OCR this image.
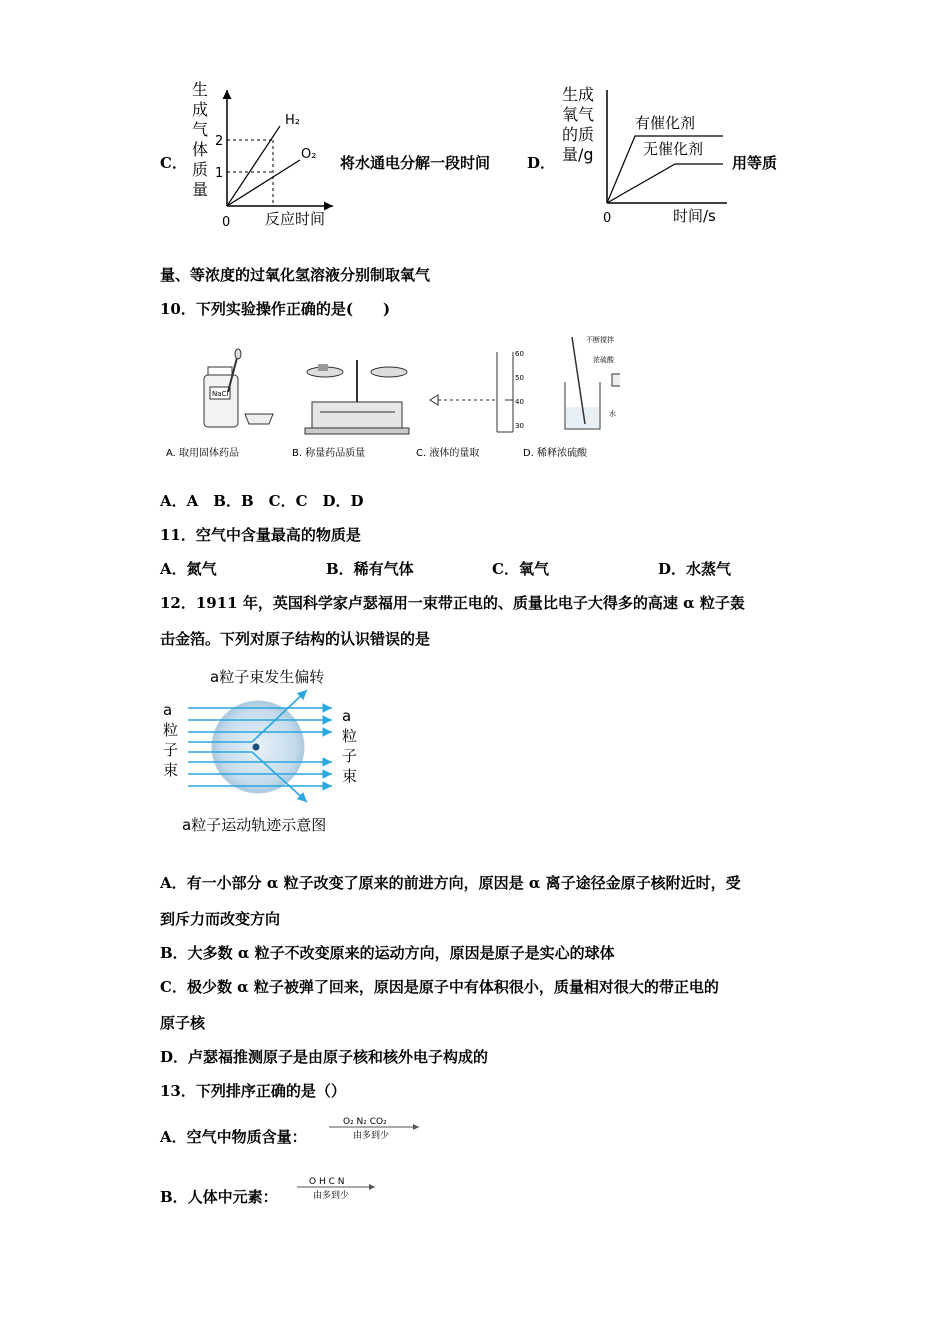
2
1
0 反应时间
H₂
O₂
生成气体质量
C．	将水通电分解一段时间 D．
生成
氧气
的质
量/g
0	时间/s
有催化剂
无催化剂
用等质
量、等浓度的过氧化氢溶液分别制取氧气
10．下列实验操作正确的是(　　)
NaCl
60
50
40
30
不断搅拌
浓硫酸
水
A. 取用固体药品	B. 称量药品质量	C. 液体的量取	D. 稀释浓硫酸
A．A　B．B　C．C　D．D
11．空气中含量最高的物质是
A．氮气	B．稀有气体	C．氧气	D．水蒸气
12．1911 年，英国科学家卢瑟福用一束带正电的、质量比电子大得多的高速 α 粒子轰
击金箔。下列对原子结构的认识错误的是
a粒子束发生偏转
a粒子运动轨迹示意图
a
粒
子
束
a
粒
子
束
A．有一小部分 α 粒子改变了原来的前进方向，原因是 α 离子途径金原子核附近时，受
到斥力而改变方向
B．大多数 α 粒子不改变原来的运动方向，原因是原子是实心的球体
C．极少数 α 粒子被弹了回来，原因是原子中有体积很小，质量相对很大的带正电的
原子核
D．卢瑟福推测原子是由原子核和核外电子构成的
13．下列排序正确的是（）
A．空气中物质含量：
O₂ N₂ CO₂
由多到少
B．人体中元素：
O H C N
由多到少
